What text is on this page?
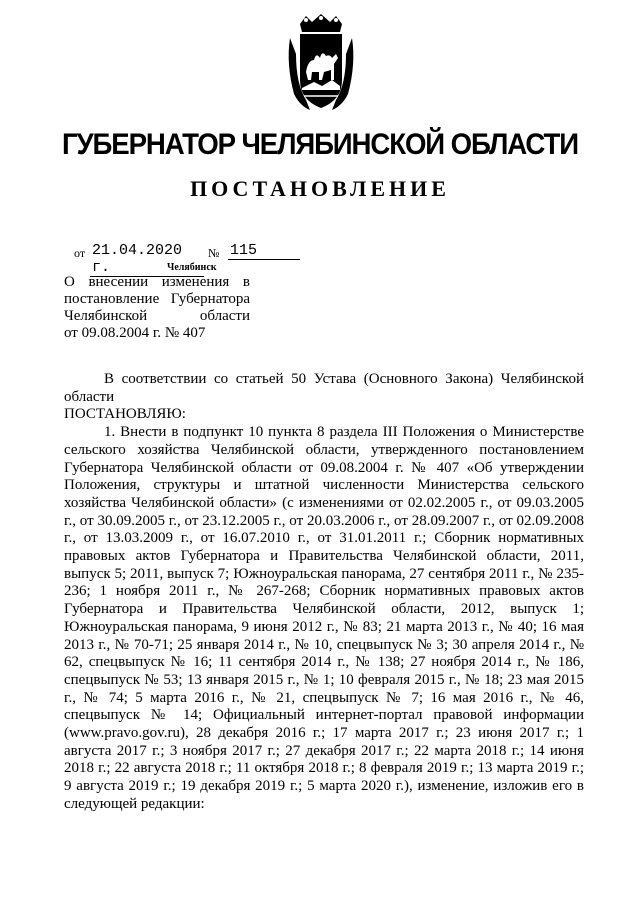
ГУБЕРНАТОР ЧЕЛЯБИНСКОЙ ОБЛАСТИ
ПОСТАНОВЛЕНИЕ
от 21.04.2020 г.
№ 115
Челябинск
О внесении изменения в
постановление Губернатора
Челябинской области
от 09.08.2004 г. № 407

В соответствии со статьей 50 Устава (Основного Закона) Челябинской области

ПОСТАНОВЛЯЮ:

1. Внести в подпункт 10 пункта 8 раздела III Положения о Министерстве сельского хозяйства Челябинской области, утвержденного постановлением Губернатора Челябинской области от 09.08.2004 г. № 407 «Об утверждении Положения, структуры и штатной численности Министерства сельского хозяйства Челябинской области» (с изменениями от 02.02.2005 г., от 09.03.2005 г., от 30.09.2005 г., от 23.12.2005 г., от 20.03.2006 г., от 28.09.2007 г., от 02.09.2008 г., от 13.03.2009 г., от 16.07.2010 г., от 31.01.2011 г.; Сборник нормативных правовых актов Губернатора и Правительства Челябинской области, 2011, выпуск 5; 2011, выпуск 7; Южноуральская панорама, 27 сентября 2011 г., № 235-236; 1 ноября 2011 г., № 267-268; Сборник нормативных правовых актов Губернатора и Правительства Челябинской области, 2012, выпуск 1; Южноуральская панорама, 9 июня 2012 г., № 83; 21 марта 2013 г., № 40; 16 мая 2013 г., № 70-71; 25 января 2014 г., № 10, спецвыпуск № 3; 30 апреля 2014 г., № 62, спецвыпуск № 16; 11 сентября 2014 г., № 138; 27 ноября 2014 г., № 186, спецвыпуск № 53; 13 января 2015 г., № 1; 10 февраля 2015 г., № 18; 23 мая 2015 г., № 74; 5 марта 2016 г., № 21, спецвыпуск № 7; 16 мая 2016 г., № 46, спецвыпуск № 14; Официальный интернет-портал правовой информации (www.pravo.gov.ru), 28 декабря 2016 г.; 17 марта 2017 г.; 23 июня 2017 г.; 1 августа 2017 г.; 3 ноября 2017 г.; 27 декабря 2017 г.; 22 марта 2018 г.; 14 июня 2018 г.; 22 августа 2018 г.; 11 октября 2018 г.; 8 февраля 2019 г.; 13 марта 2019 г.; 9 августа 2019 г.; 19 декабря 2019 г.; 5 марта 2020 г.), изменение, изложив его в следующей редакции:
